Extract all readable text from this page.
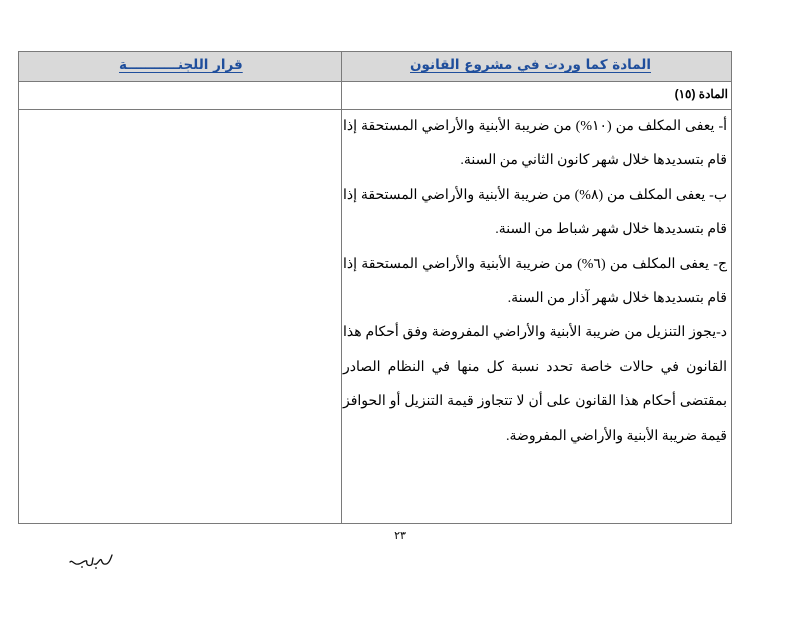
المادة كما وردت في مشروع القانون
قرار اللجنـــــــــــة
المادة (١٥)

أ- يعفى المكلف من (١٠%) من ضريبة الأبنية والأراضي المستحقة إذا قام بتسديدها خلال شهر كانون الثاني من السنة.

ب- يعفى المكلف من (٨%) من ضريبة الأبنية والأراضي المستحقة إذا قام بتسديدها خلال شهر شباط من السنة.

ج- يعفى المكلف من (٦%) من ضريبة الأبنية والأراضي المستحقة إذا قام بتسديدها خلال شهر آذار من السنة.

د-يجوز التنزيل من ضريبة الأبنية والأراضي المفروضة وفق أحكام هذا القانون في حالات خاصة تحدد نسبة كل منها في النظام الصادر بمقتضى أحكام هذا القانون على أن لا تتجاوز قيمة التنزيل أو الحوافز قيمة ضريبة الأبنية والأراضي المفروضة.

٢٣
